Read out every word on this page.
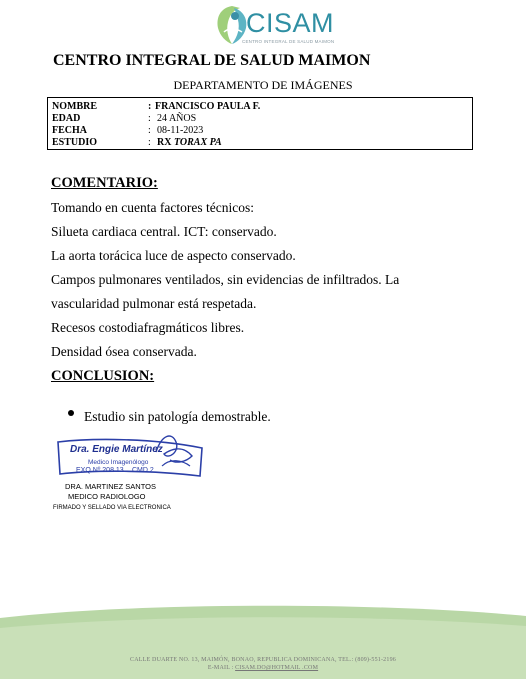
CISAM
CENTRO INTEGRAL DE SALUD MAIMON
CENTRO INTEGRAL DE SALUD MAIMON
DEPARTAMENTO DE IMÁGENES
NOMBRE	: FRANCISCO PAULA F.
EDAD	: 24 AÑOS
FECHA	: 08-11-2023
ESTUDIO	: RX TORAX PA
COMENTARIO:
Tomando en cuenta factores técnicos:
Silueta cardiaca central. ICT: conservado.
La aorta torácica luce de aspecto conservado.
Campos pulmonares ventilados, sin evidencias de infiltrados. La
vascularidad pulmonar está respetada.
Recesos costodiafragmáticos libres.
Densidad ósea conservada.
CONCLUSION:
Estudio sin patología demostrable.
Dra. Engie Martínez
Medico Imagenólogo
EXQ Nº 208 13 CMD 2
DRA. MARTINEZ SANTOS
MEDICO RADIOLOGO
FIRMADO Y SELLADO VIA ELECTRONICA
CALLE DUARTE NO. 13, MAIMÓN, BONAO, REPUBLICA DOMINICANA, TEL.: (809)-551-2196
E-MAIL : CISAM.DO@HOTMAIL .COM
